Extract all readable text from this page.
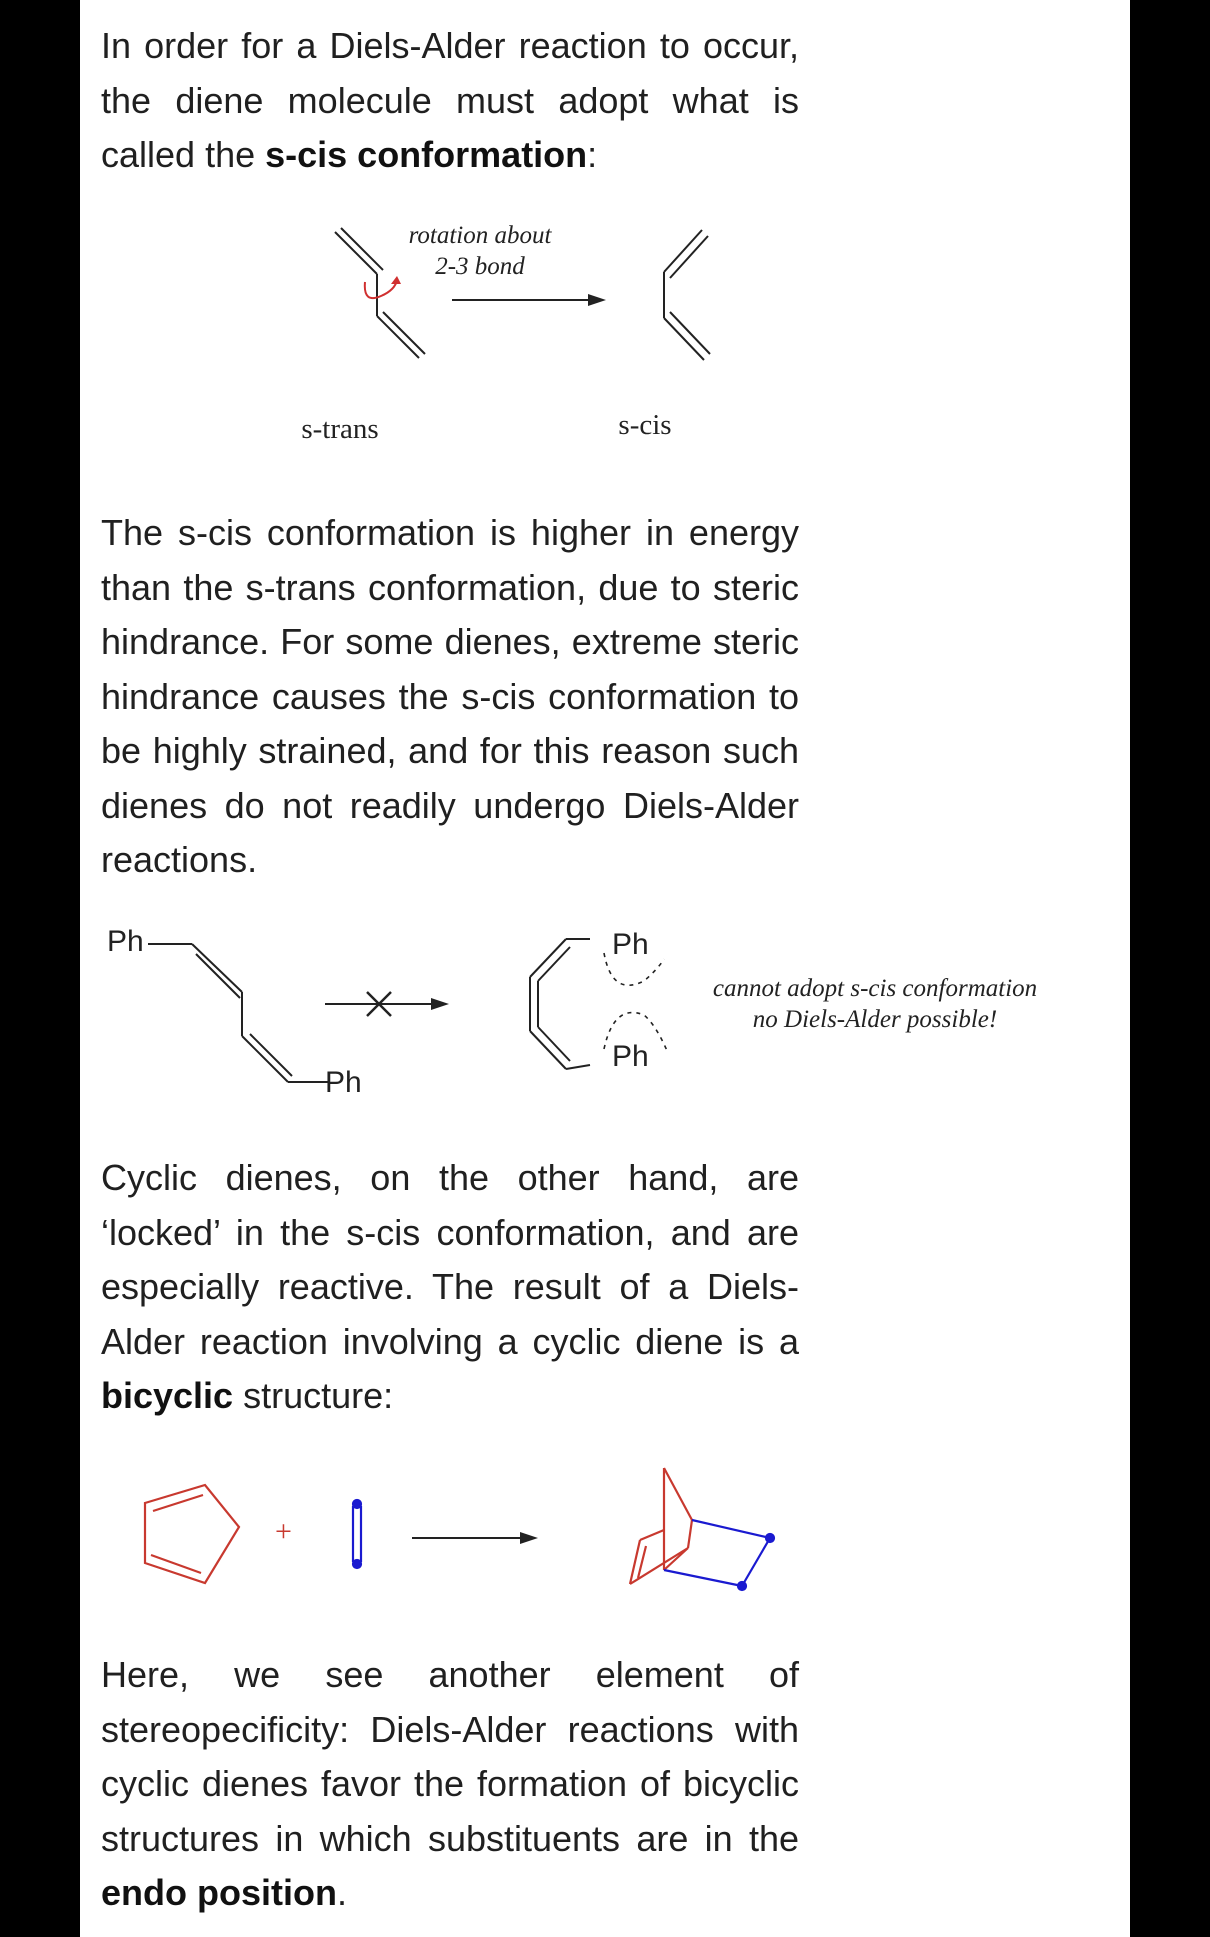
In order for a Diels-Alder reaction to occur, the diene molecule must adopt what is called the s-cis conformation:

rotation about
2-3 bond
s-trans	s-cis

The s-cis conformation is higher in energy than the s-trans conformation, due to steric hindrance. For some dienes, extreme steric hindrance causes the s-cis conformation to be highly strained, and for this reason such dienes do not readily undergo Diels-Alder reactions.

Ph
Ph
Ph
Ph
cannot adopt s-cis conformation
no Diels-Alder possible!

Cyclic dienes, on the other hand, are ‘locked’ in the s-cis conformation, and are especially reactive. The result of a Diels-Alder reaction involving a cyclic diene is a bicyclic structure:

+

Here, we see another element of stereopecificity: Diels-Alder reactions with cyclic dienes favor the formation of bicyclic structures in which substituents are in the endo position.
